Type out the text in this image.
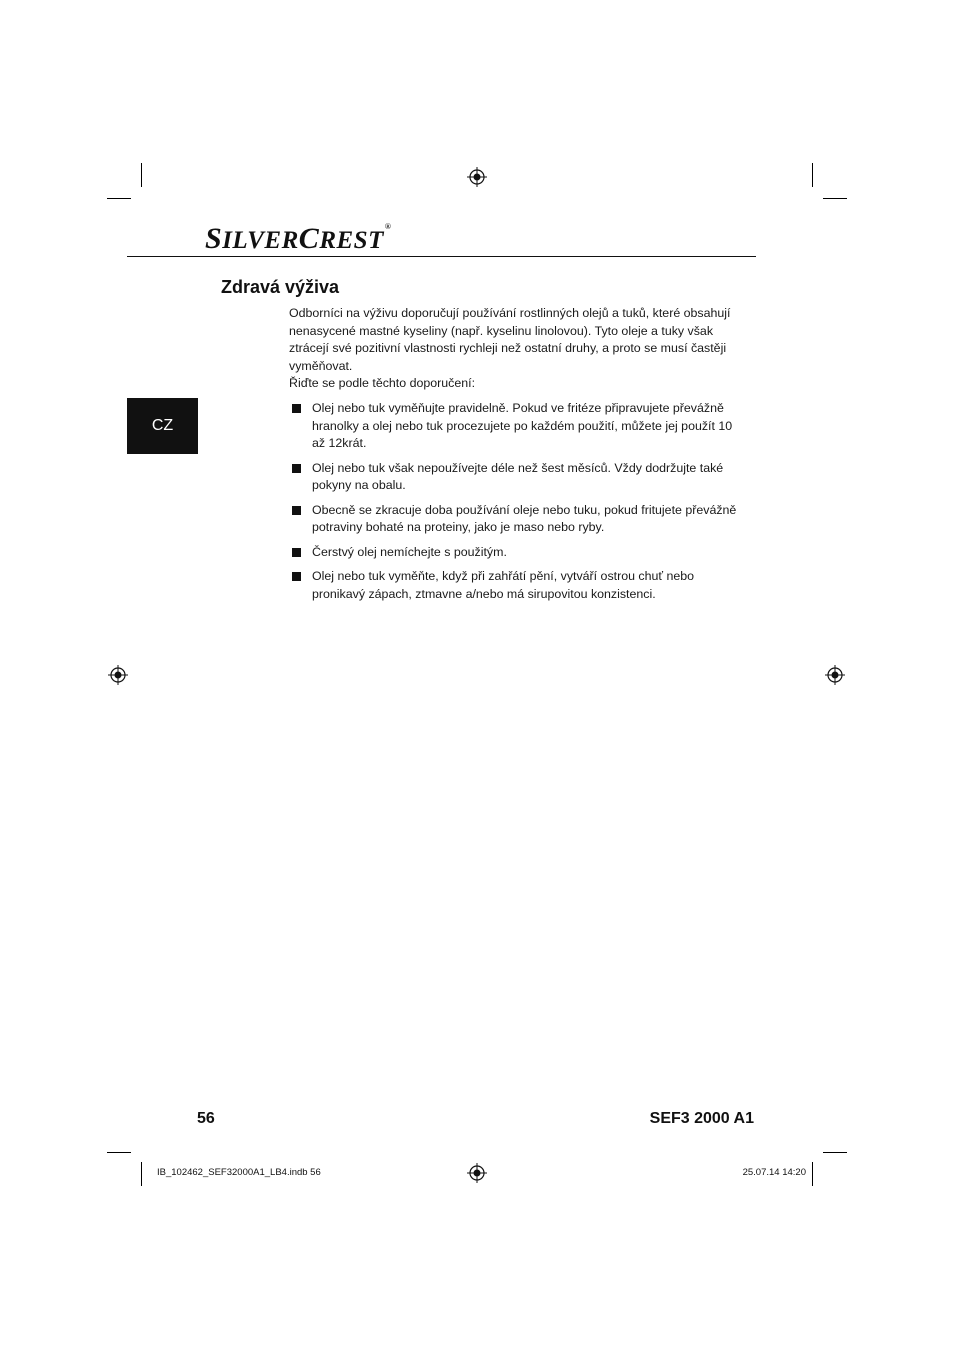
SILVERCREST®
Zdravá výživa
CZ

Odborníci na výživu doporučují používání rostlinných olejů a tuků, které obsahují nenasycené mastné kyseliny (např. kyselinu linolovou). Tyto oleje a tuky však ztrácejí své pozitivní vlastnosti rychleji než ostatní druhy, a proto se musí častěji vyměňovat.

Řiďte se podle těchto doporučení:

Olej nebo tuk vyměňujte pravidelně. Pokud ve fritéze připravujete převážně hranolky a olej nebo tuk procezujete po každém použití, můžete jej použít 10 až 12krát.
Olej nebo tuk však nepoužívejte déle než šest měsíců. Vždy dodržujte také pokyny na obalu.
Obecně se zkracuje doba používání oleje nebo tuku, pokud fritujete převážně potraviny bohaté na proteiny, jako je maso nebo ryby.
Čerstvý olej nemíchejte s použitým.
Olej nebo tuk vyměňte, když při zahřátí pění, vytváří ostrou chuť nebo pronikavý zápach, ztmavne a/nebo má sirupovitou konzistenci.
56	SEF3 2000 A1
IB_102462_SEF32000A1_LB4.indb 56	25.07.14 14:20
